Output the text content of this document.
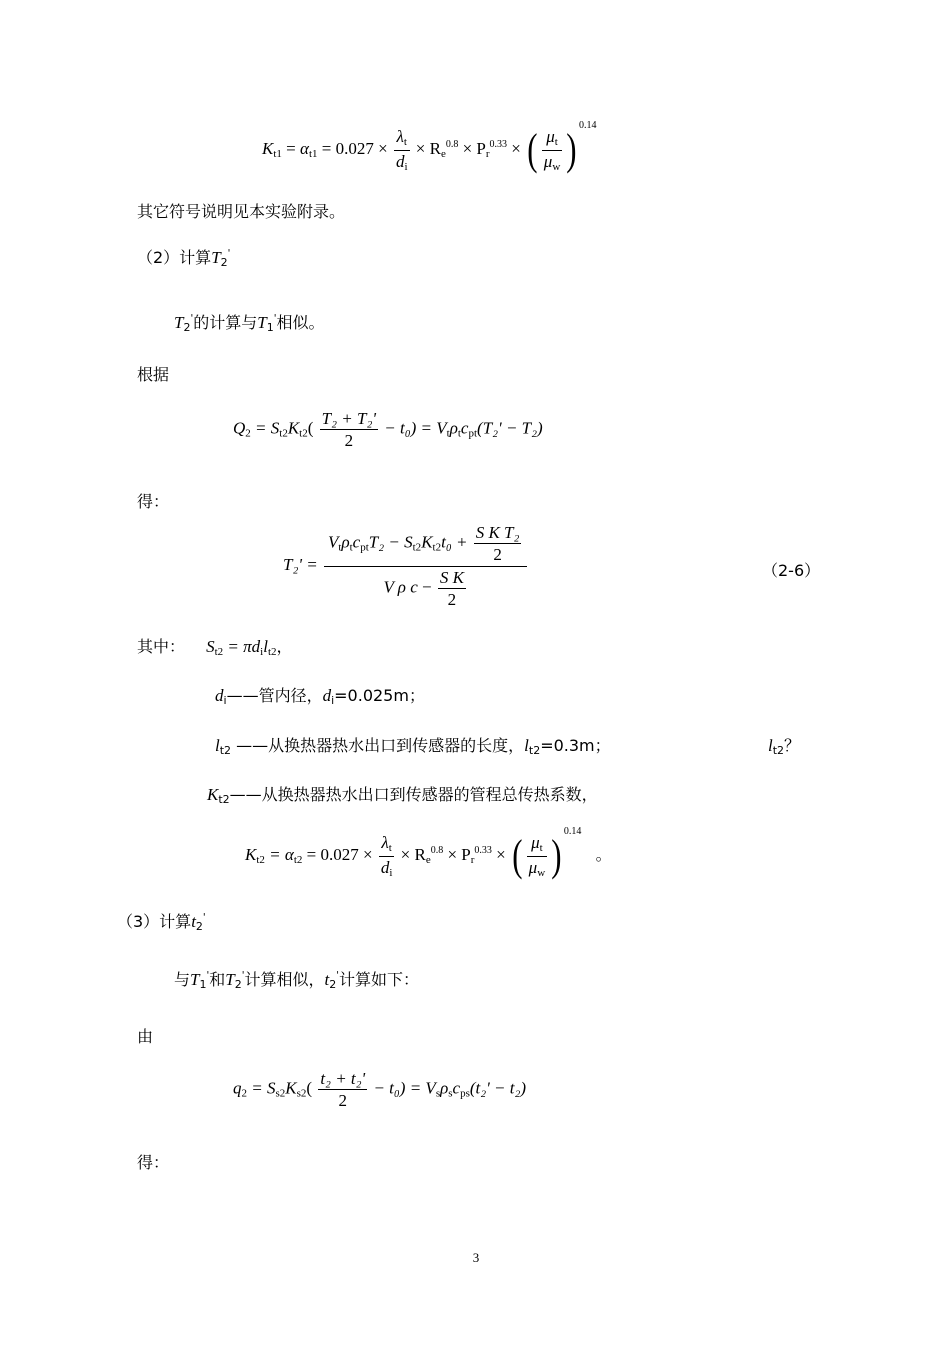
$K_{t1} = \alpha_{t1} = 0.027 \times \frac{\lambda_t}{d_i} \times R_e^{0.8} \times P_r^{0.33}$ × ( $\frac{\mu_t}{\mu_w}$ ) $^{0.14}$
其它符号说明见本实验附录。
（2）计算$T_2'$
$T_2'$的计算与$T_1'$相似。
根据
$Q_2 = S_{t2}K_{t2}( \frac{\text{T₂ + T₂'}}{2} - t_0) = V_t\rho_tc_{pt}(T_2' - T_2)$
得：
$T_2' = \frac{V_t\rho_tc_{pt}T_2 - S_{t2}K_{t2}t_0 + \frac{\text{S K T₂}}{2}}{V \rho c - \frac{\text{S K}}{2}}$	（2-6）
其中： $S_{t2} = \pi d_il_{t2}$，
$d_i——$管内径，$d_i=0.025m$；
$l_{t2}$ ——从换热器热水出口到传感器的长度，$l_{t2}=0.3m$；	$l_{t2}$？
$K_{t2}——$从换热器热水出口到传感器的管程总传热系数，
$K_{t2} = \alpha_{t2} = 0.027 \times \frac{\lambda_t}{d_i} \times R_e^{0.8} \times P_r^{0.33}$ × ( $\frac{\mu_t}{\mu_w}$ ) $^{0.14}$ 。
（3）计算$t_2'$
与$T_1'$和$T_2'$计算相似，$t_2'$计算如下：
由
$q_2 = S_{s2}K_{s2}( \frac{\text{t₂ + t₂'}}{2} - t_0) = V_s\rho_sc_{ps}(t_2' - t_2)$
得：
3
